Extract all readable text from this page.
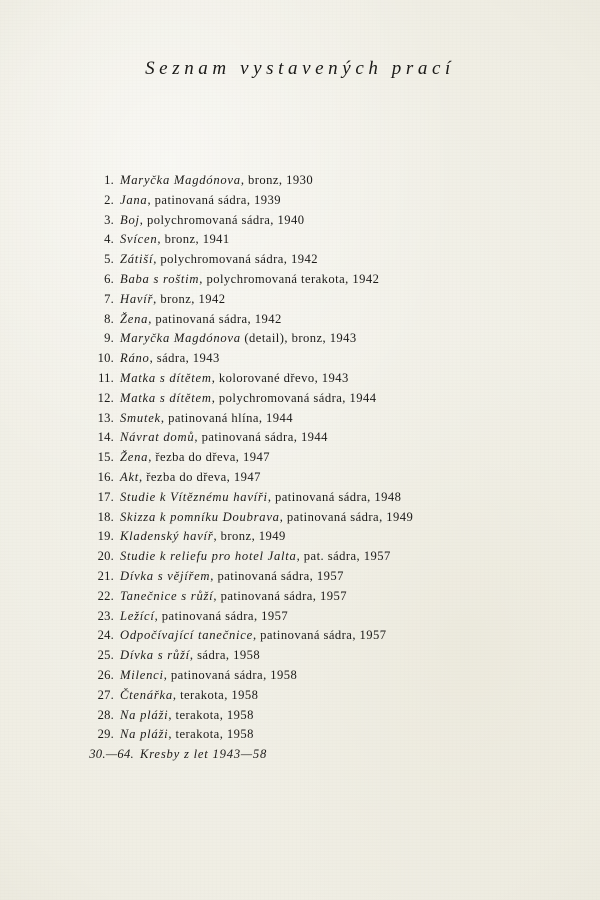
Seznam vystavených prací
1. Maryčka Magdónova, bronz, 1930
2. Jana, patinovaná sádra, 1939
3. Boj, polychromovaná sádra, 1940
4. Svícen, bronz, 1941
5. Zátiší, polychromovaná sádra, 1942
6. Baba s roštim, polychromovaná terakota, 1942
7. Havíř, bronz, 1942
8. Žena, patinovaná sádra, 1942
9. Maryčka Magdónova (detail), bronz, 1943
10. Ráno, sádra, 1943
11. Matka s dítětem, kolorované dřevo, 1943
12. Matka s dítětem, polychromovaná sádra, 1944
13. Smutek, patinovaná hlína, 1944
14. Návrat domů, patinovaná sádra, 1944
15. Žena, řezba do dřeva, 1947
16. Akt, řezba do dřeva, 1947
17. Studie k Vítěznému havíři, patinovaná sádra, 1948
18. Skizza k pomníku Doubrava, patinovaná sádra, 1949
19. Kladenský havíř, bronz, 1949
20. Studie k reliefu pro hotel Jalta, pat. sádra, 1957
21. Dívka s vějířem, patinovaná sádra, 1957
22. Tanečnice s růží, patinovaná sádra, 1957
23. Ležící, patinovaná sádra, 1957
24. Odpočívající tanečnice, patinovaná sádra, 1957
25. Dívka s růží, sádra, 1958
26. Milenci, patinovaná sádra, 1958
27. Čtenářka, terakota, 1958
28. Na pláži, terakota, 1958
29. Na pláži, terakota, 1958
30.—64. Kresby z let 1943—58
